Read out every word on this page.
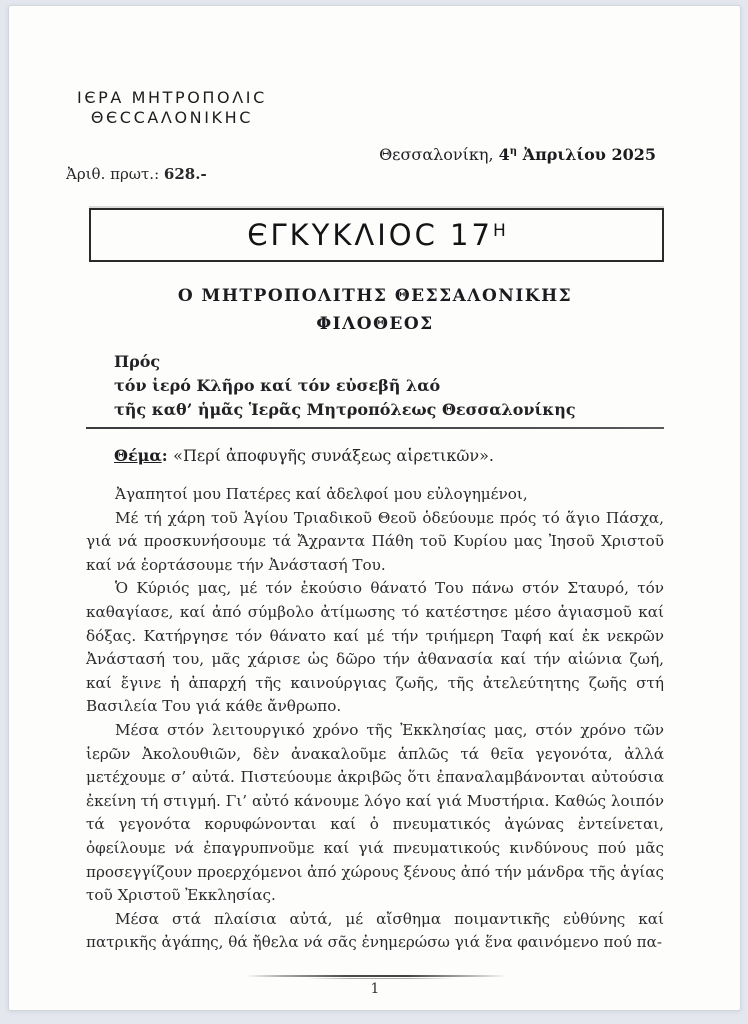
ΙЄΡΑ ΜΗΤΡΟΠΟΛΙϹ
ΘЄϹϹΑΛΟΝΙΚΗϹ
Θεσσαλονίκη, $4^\eta$ Ἀπριλίου 2025
Ἀριθ. πρωτ.: 628.-
ЄΓΚΥΚΛΙΟϹ $17^H$
Ο ΜΗΤΡΟΠΟΛΙΤΗΣ ΘΕΣΣΑΛΟΝΙΚΗΣ
ΦΙΛΟΘΕΟΣ
Πρός
τόν ἱερό Κλῆρο καί τόν εὐσεβῆ λαό
τῆς καθ’ ἡμᾶς Ἱερᾶς Μητροπόλεως Θεσσαλονίκης
Θέμα: «Περί ἀποφυγῆς συνάξεως αἱρετικῶν».

Ἀγαπητοί μου Πατέρες καί ἀδελφοί μου εὐλογημένοι,

Μέ τή χάρη τοῦ Ἁγίου Τριαδικοῦ Θεοῦ ὁδεύουμε πρός τό ἅγιο Πάσχα, γιά νά προσκυνήσουμε τά Ἄχραντα Πάθη τοῦ Κυρίου μας Ἰησοῦ Χριστοῦ καί νά ἑορτάσουμε τήν Ἀνάστασή Του.

Ὁ Κύριός μας, μέ τόν ἑκούσιο θάνατό Του πάνω στόν Σταυρό, τόν καθαγίασε, καί ἀπό σύμβολο ἀτίμωσης τό κατέστησε μέσο ἁγιασμοῦ καί δόξας. Κατήργησε τόν θάνατο καί μέ τήν τριήμερη Ταφή καί ἐκ νεκρῶν Ἀνάστασή του, μᾶς χάρισε ὡς δῶρο τήν ἀθανασία καί τήν αἰώνια ζωή, καί ἔγινε ἡ ἀπαρχή τῆς καινούργιας ζωῆς, τῆς ἀτελεύτητης ζωῆς στή Βασιλεία Του γιά κάθε ἄνθρωπο.

Μέσα στόν λειτουργικό χρόνο τῆς Ἐκκλησίας μας, στόν χρόνο τῶν ἱερῶν Ἀκολουθιῶν, δὲν ἀνακαλοῦμε ἁπλῶς τά θεῖα γεγονότα, ἀλλά μετέχουμε σ’ αὐτά. Πιστεύουμε ἀκριβῶς ὅτι ἐπαναλαμβάνονται αὐτούσια ἐκείνη τή στιγμή. Γι’ αὐτό κάνουμε λόγο καί γιά Μυστήρια. Καθώς λοιπόν τά γεγονότα κορυφώνονται καί ὁ πνευματικός ἀγώνας ἐντείνεται, ὀφείλουμε νά ἐπαγρυπνοῦμε καί γιά πνευματικούς κινδύνους πού μᾶς προσεγγίζουν προερχόμενοι ἀπό χώρους ξένους ἀπό τήν μάνδρα τῆς ἁγίας τοῦ Χριστοῦ Ἐκκλησίας.

Μέσα στά πλαίσια αὐτά, μέ αἴσθημα ποιμαντικῆς εὐθύνης καί πατρικῆς ἀγάπης, θά ἤθελα νά σᾶς ἐνημερώσω γιά ἕνα φαινόμενο πού πα-

1
